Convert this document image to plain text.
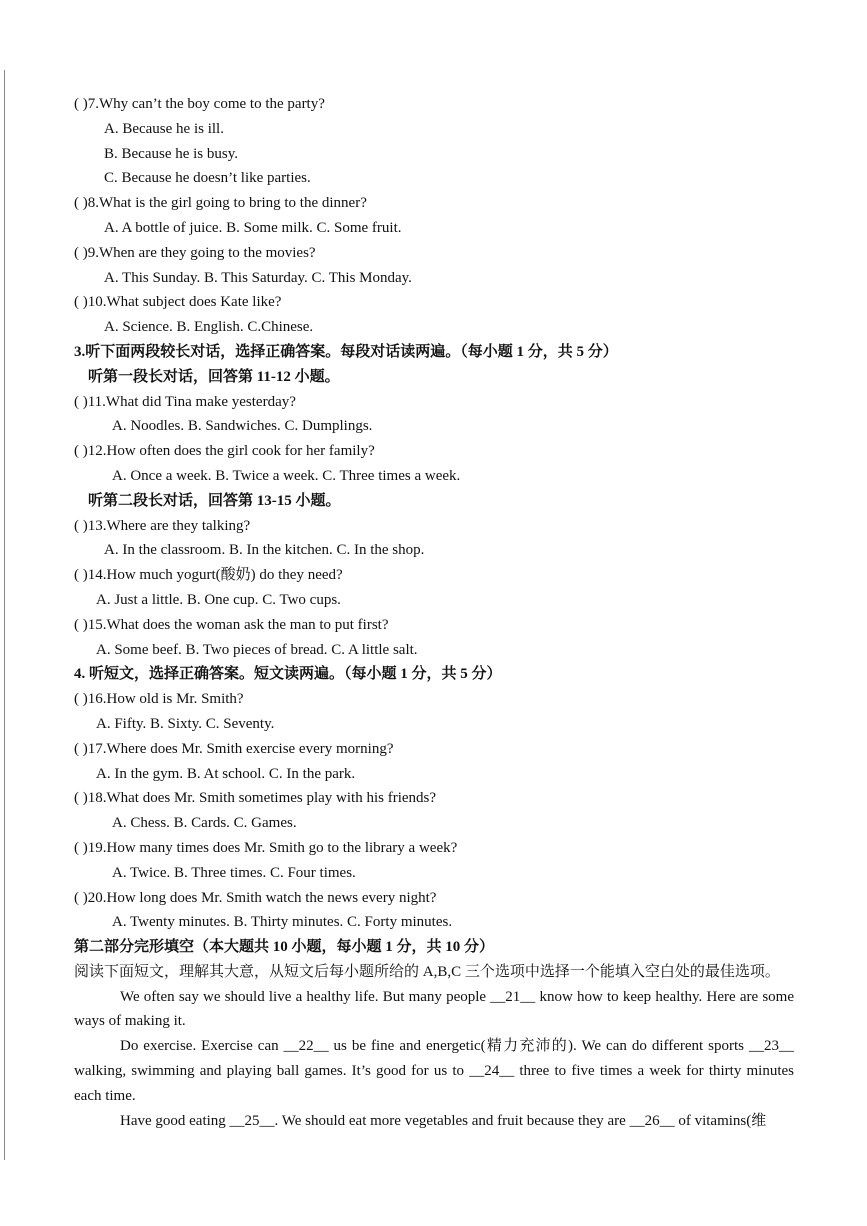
( )7.Why can’t the boy come to the party?
A. Because he is ill.
B. Because he is busy.
C. Because he doesn’t like parties.
( )8.What is the girl going to bring to the dinner?
A. A bottle of juice. B. Some milk. C. Some fruit.
( )9.When are they going to the movies?
A. This Sunday. B. This Saturday. C. This Monday.
( )10.What subject does Kate like?
A. Science. B. English. C.Chinese.
3.听下面两段较长对话，选择正确答案。每段对话读两遍。（每小题 1 分，共 5 分）
听第一段长对话，回答第 11-12 小题。
( )11.What did Tina make yesterday?
A. Noodles. B. Sandwiches. C. Dumplings.
( )12.How often does the girl cook for her family?
A. Once a week. B. Twice a week. C. Three times a week.
听第二段长对话，回答第 13-15 小题。
( )13.Where are they talking?
A. In the classroom. B. In the kitchen. C. In the shop.
( )14.How much yogurt(酸奶) do they need?
A. Just a little. B. One cup. C. Two cups.
( )15.What does the woman ask the man to put first?
A. Some beef. B. Two pieces of bread. C. A little salt.
4. 听短文，选择正确答案。短文读两遍。（每小题 1 分，共 5 分）
( )16.How old is Mr. Smith?
A. Fifty. B. Sixty. C. Seventy.
( )17.Where does Mr. Smith exercise every morning?
A. In the gym. B. At school. C. In the park.
( )18.What does Mr. Smith sometimes play with his friends?
A. Chess. B. Cards. C. Games.
( )19.How many times does Mr. Smith go to the library a week?
A. Twice. B. Three times. C. Four times.
( )20.How long does Mr. Smith watch the news every night?
A. Twenty minutes. B. Thirty minutes. C. Forty minutes.
第二部分完形填空（本大题共 10 小题，每小题 1 分，共 10 分）
阅读下面短文，理解其大意，从短文后每小题所给的 A,B,C 三个选项中选择一个能填入空白处的最佳选项。
We often say we should live a healthy life. But many people __21__ know how to keep healthy. Here are some ways of making it.
Do exercise. Exercise can __22__ us be fine and energetic(精力充沛的). We can do different sports __23__ walking, swimming and playing ball games. It’s good for us to __24__ three to five times a week for thirty minutes each time.
Have good eating __25__. We should eat more vegetables and fruit because they are __26__ of vitamins(维
